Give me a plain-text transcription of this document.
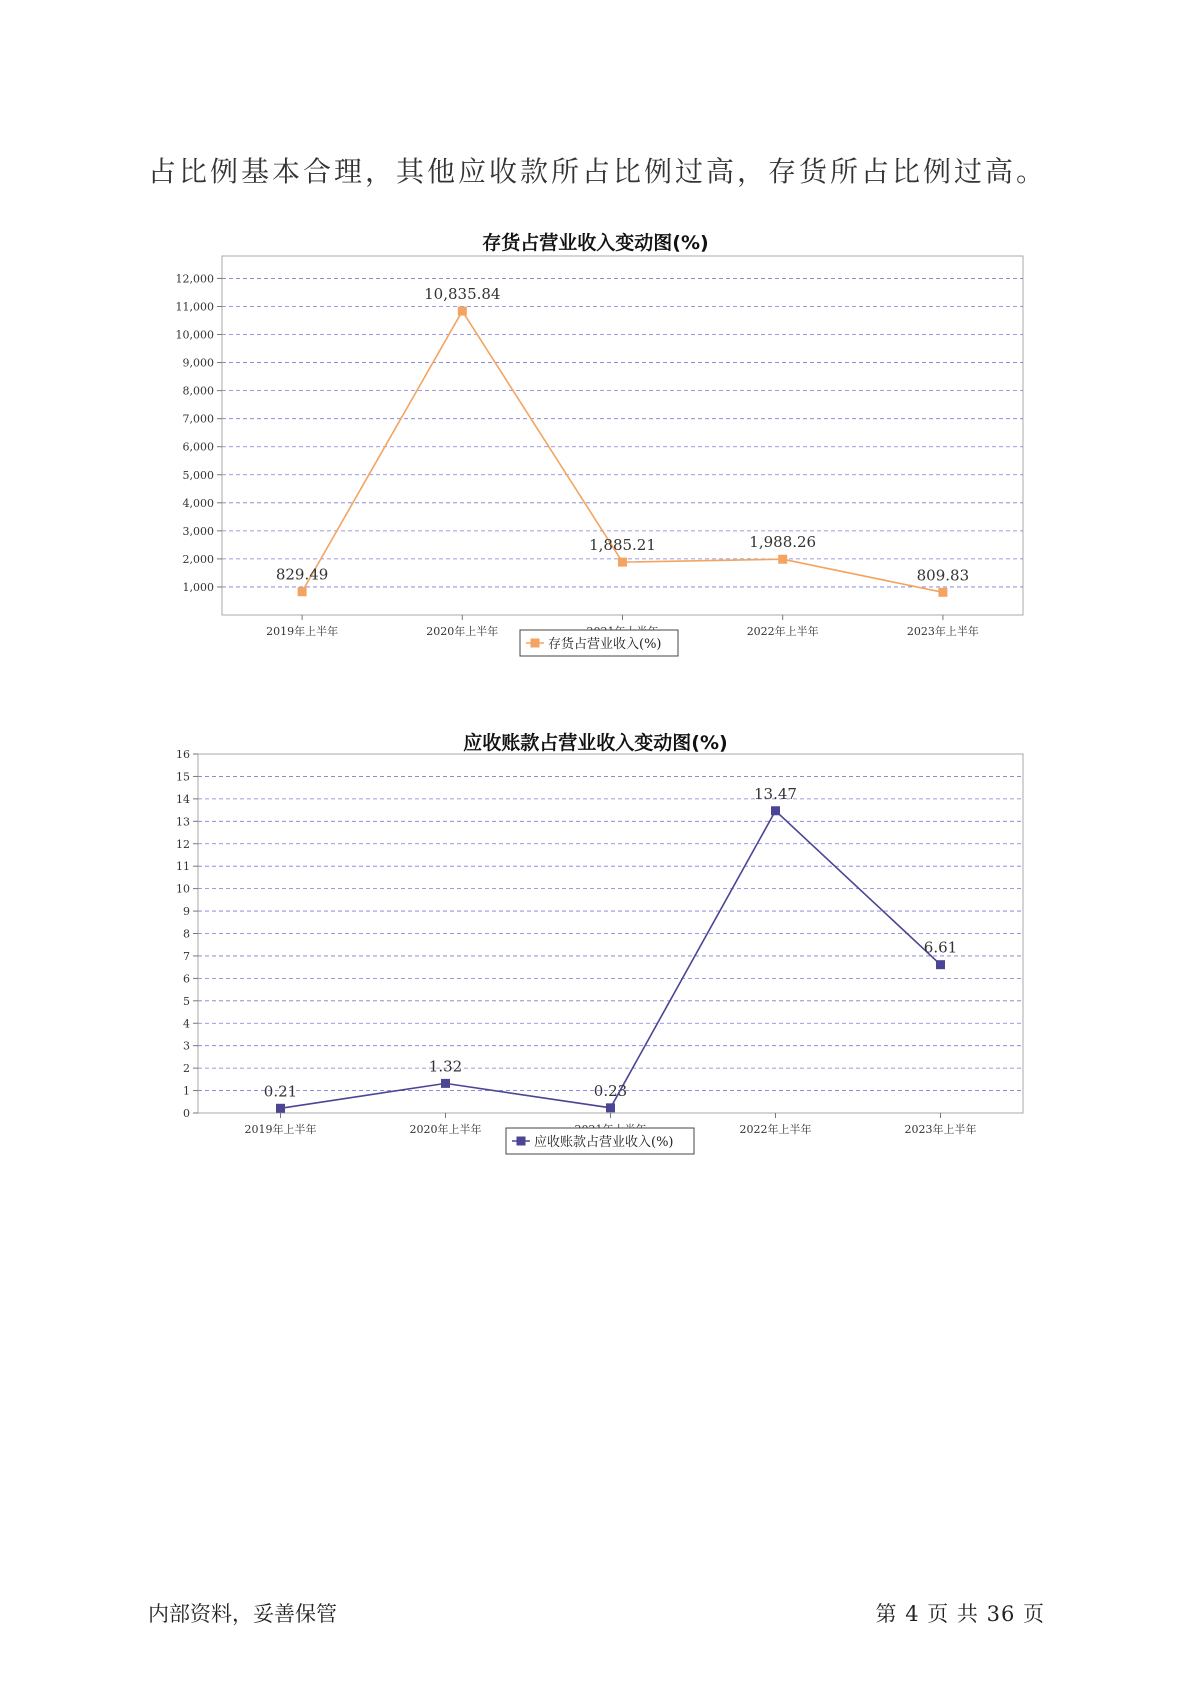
占比例基本合理，其他应收款所占比例过高，存货所占比例过高。
存货占营业收入变动图(%)
1,000
2,000
3,000
4,000
5,000
6,000
7,000
8,000
9,000
10,000
11,000
12,000
2019年上半年	2020年上半年	2022年上半年	2023年上半年
829.49
10,835.84
1,885.21	1,988.26
809.83
存货占营业收入(%)
应收账款占营业收入变动图(%)
0
1
2
3
4
5
6
7
8
9
10
11
12
13
14
15
16
2019年上半年	2020年上半年	2022年上半年	2023年上半年
0.21
1.32
0.23
13.47
6.61
应收账款占营业收入(%)
内部资料，妥善保管	第 4 页 共 36 页
